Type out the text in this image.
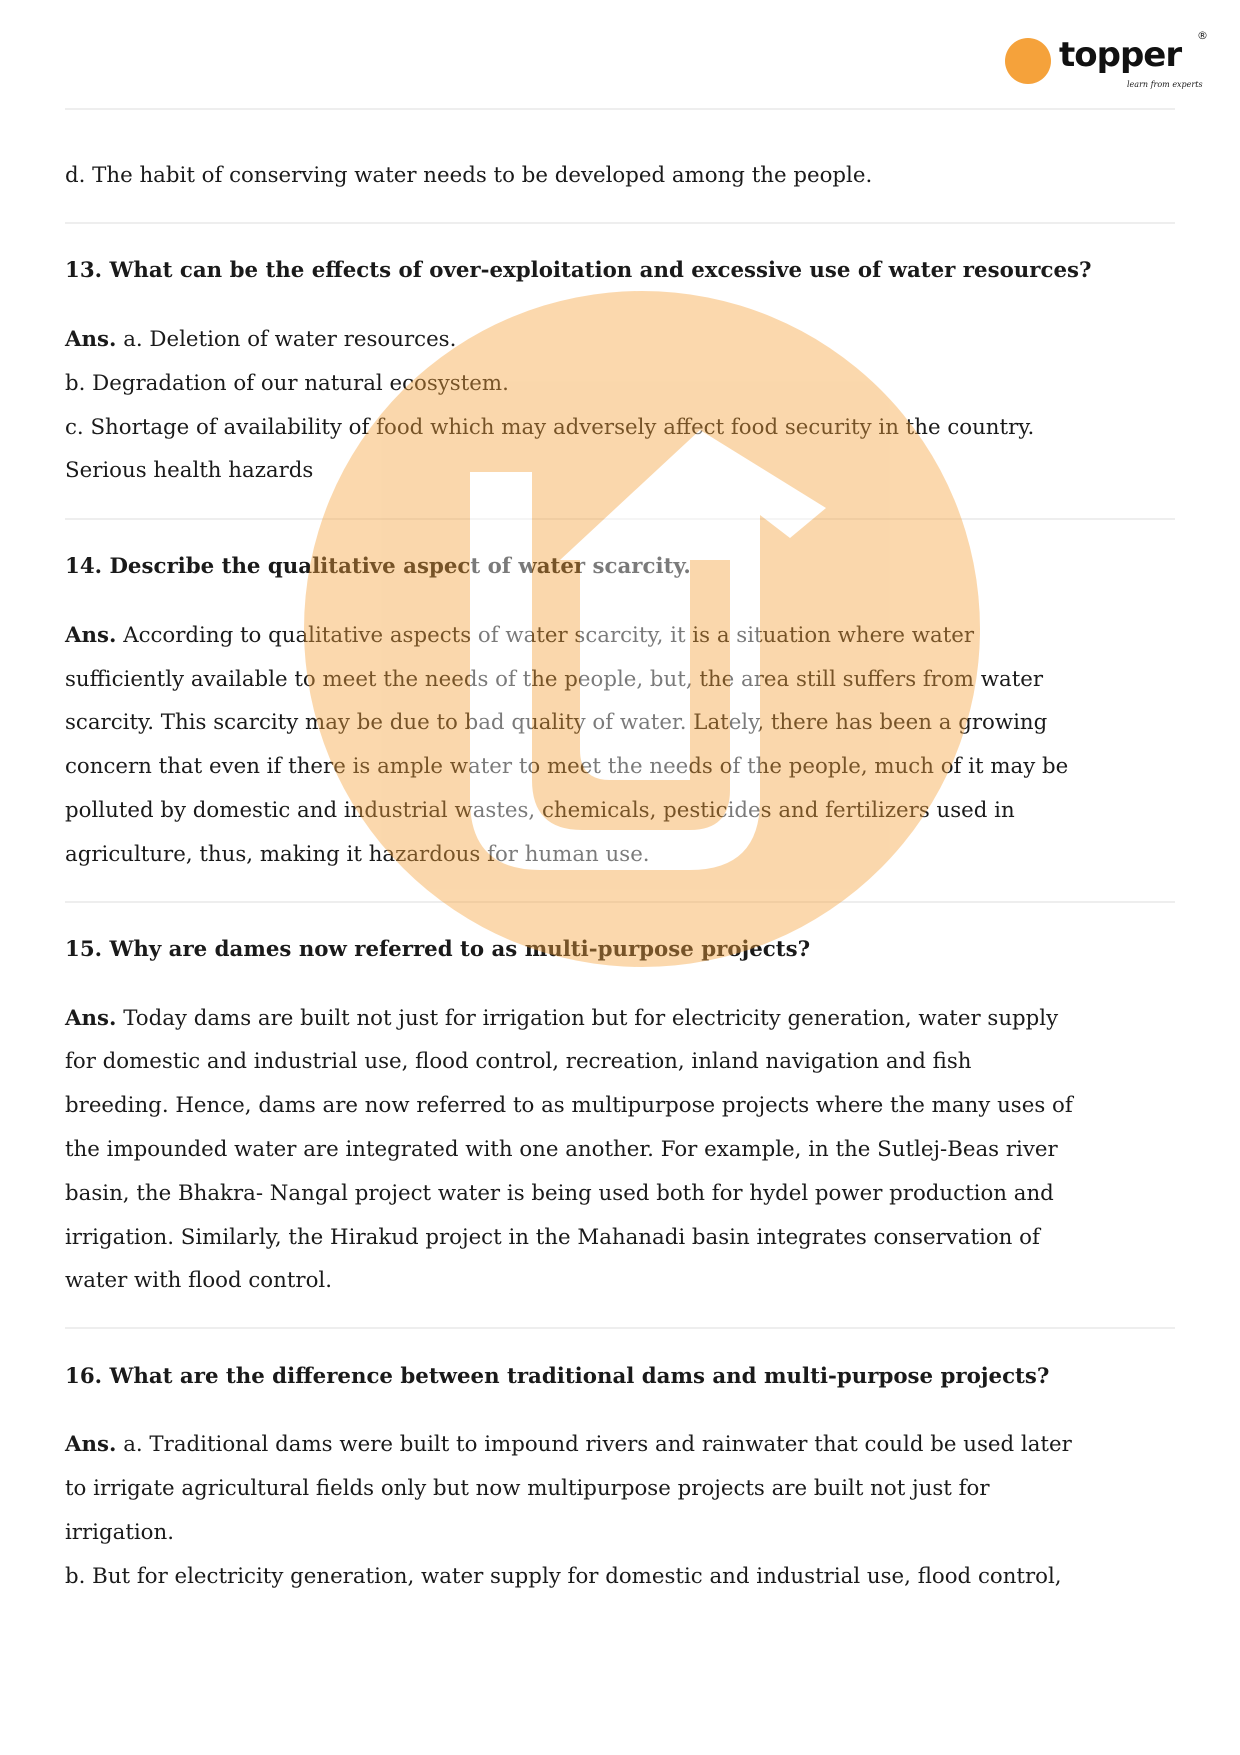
topper ®
learn from experts
d. The habit of conserving water needs to be developed among the people.
13. What can be the effects of over-exploitation and excessive use of water resources?
Ans. a. Deletion of water resources.
b. Degradation of our natural ecosystem.
c. Shortage of availability of food which may adversely affect food security in the country.
Serious health hazards
14. Describe the qualitative aspect of water scarcity.
Ans. According to qualitative aspects of water scarcity, it is a situation where water
sufficiently available to meet the needs of the people, but, the area still suffers from water
scarcity. This scarcity may be due to bad quality of water. Lately, there has been a growing
concern that even if there is ample water to meet the needs of the people, much of it may be
polluted by domestic and industrial wastes, chemicals, pesticides and fertilizers used in
agriculture, thus, making it hazardous for human use.
15. Why are dames now referred to as multi-purpose projects?
Ans. Today dams are built not just for irrigation but for electricity generation, water supply
for domestic and industrial use, flood control, recreation, inland navigation and fish
breeding. Hence, dams are now referred to as multipurpose projects where the many uses of
the impounded water are integrated with one another. For example, in the Sutlej-Beas river
basin, the Bhakra- Nangal project water is being used both for hydel power production and
irrigation. Similarly, the Hirakud project in the Mahanadi basin integrates conservation of
water with flood control.
16. What are the difference between traditional dams and multi-purpose projects?
Ans. a. Traditional dams were built to impound rivers and rainwater that could be used later
to irrigate agricultural fields only but now multipurpose projects are built not just for
irrigation.
b. But for electricity generation, water supply for domestic and industrial use, flood control,
